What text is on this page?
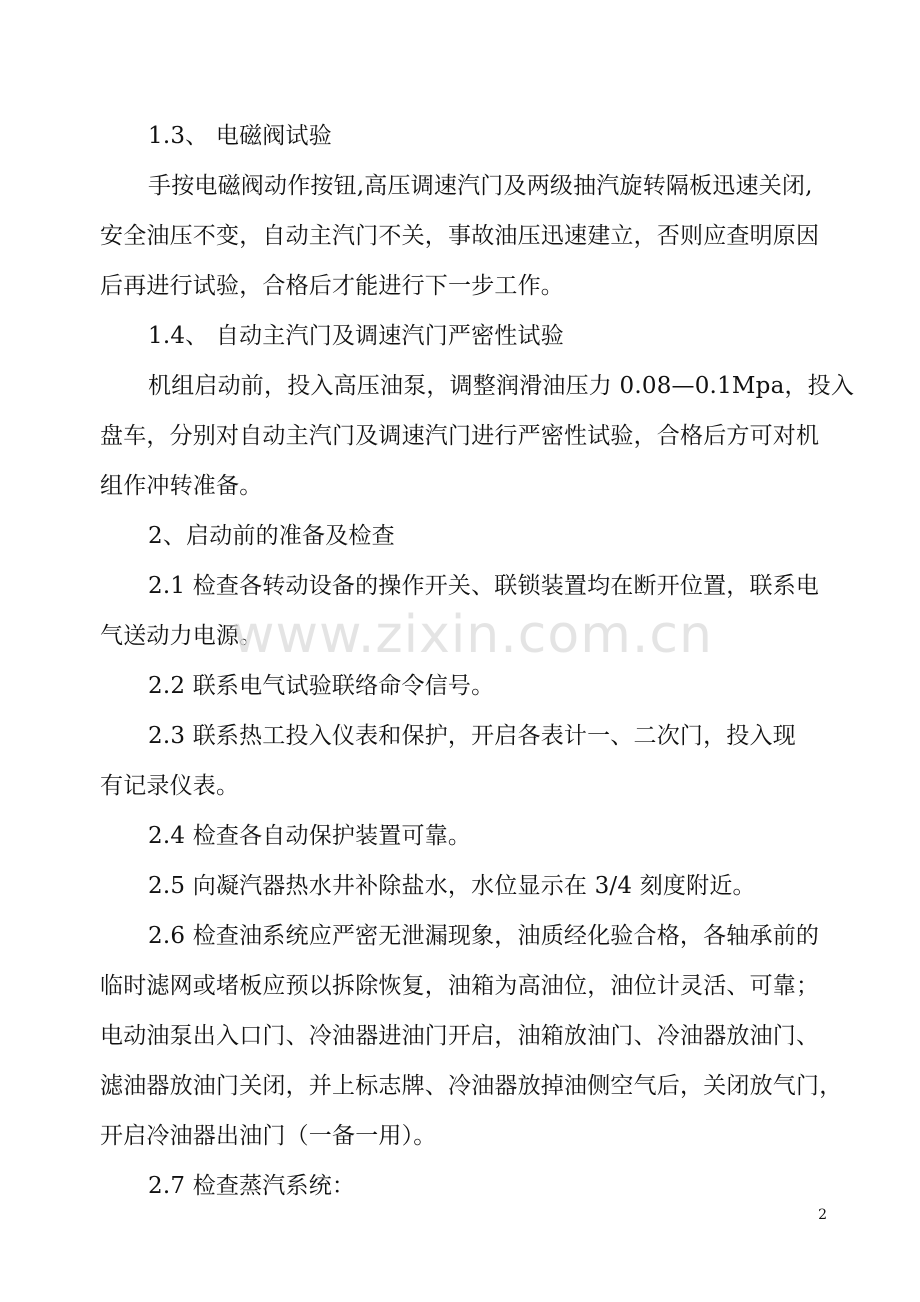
1.3、 电磁阀试验
手按电磁阀动作按钮,高压调速汽门及两级抽汽旋转隔板迅速关闭,
安全油压不变，自动主汽门不关，事故油压迅速建立，否则应查明原因
后再进行试验，合格后才能进行下一步工作。
1.4、 自动主汽门及调速汽门严密性试验
机组启动前，投入高压油泵，调整润滑油压力 0.08—0.1Mpa，投入
盘车，分别对自动主汽门及调速汽门进行严密性试验，合格后方可对机
组作冲转准备。
2、启动前的准备及检查
2.1 检查各转动设备的操作开关、联锁装置均在断开位置，联系电
气送动力电源。
2.2 联系电气试验联络命令信号。
2.3 联系热工投入仪表和保护，开启各表计一、二次门，投入现
有记录仪表。
2.4 检查各自动保护装置可靠。
2.5 向凝汽器热水井补除盐水，水位显示在 3/4 刻度附近。
2.6 检查油系统应严密无泄漏现象，油质经化验合格，各轴承前的
临时滤网或堵板应预以拆除恢复，油箱为高油位，油位计灵活、可靠；
电动油泵出入口门、冷油器进油门开启，油箱放油门、冷油器放油门、
滤油器放油门关闭，并上标志牌、冷油器放掉油侧空气后，关闭放气门，
开启冷油器出油门（一备一用）。
2.7 检查蒸汽系统：
www.zixin.com.cn
2
